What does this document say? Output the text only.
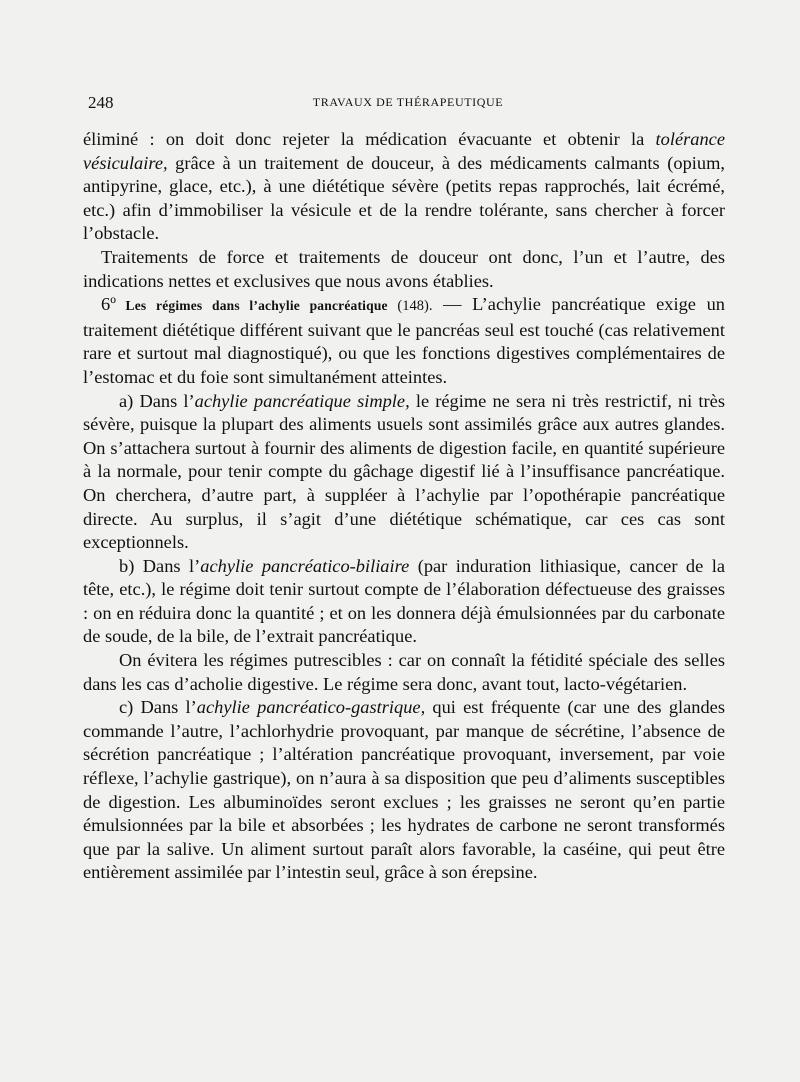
248	TRAVAUX DE THÉRAPEUTIQUE

éliminé : on doit donc rejeter la médication évacuante et obtenir la tolérance vésiculaire, grâce à un traitement de douceur, à des médicaments calmants (opium, antipyrine, glace, etc.), à une diététique sévère (petits repas rapprochés, lait écrémé, etc.) afin d’immobiliser la vésicule et de la rendre tolérante, sans chercher à forcer l’obstacle.

Traitements de force et traitements de douceur ont donc, l’un et l’autre, des indications nettes et exclusives que nous avons établies.

6º Les régimes dans l’achylie pancréatique (148). — L’achylie pancréatique exige un traitement diététique différent suivant que le pancréas seul est touché (cas relativement rare et surtout mal diagnostiqué), ou que les fonctions digestives complémentaires de l’estomac et du foie sont simultanément atteintes.

a) Dans l’achylie pancréatique simple, le régime ne sera ni très restrictif, ni très sévère, puisque la plupart des aliments usuels sont assimilés grâce aux autres glandes. On s’attachera surtout à fournir des aliments de digestion facile, en quantité supérieure à la normale, pour tenir compte du gâchage digestif lié à l’insuffisance pancréatique. On cherchera, d’autre part, à suppléer à l’achylie par l’opothérapie pancréatique directe. Au surplus, il s’agit d’une diététique schématique, car ces cas sont exceptionnels.

b) Dans l’achylie pancréatico-biliaire (par induration lithiasique, cancer de la tête, etc.), le régime doit tenir surtout compte de l’élaboration défectueuse des graisses : on en réduira donc la quantité ; et on les donnera déjà émulsionnées par du carbonate de soude, de la bile, de l’extrait pancréatique.

On évitera les régimes putrescibles : car on connaît la fétidité spéciale des selles dans les cas d’acholie digestive. Le régime sera donc, avant tout, lacto-végétarien.

c) Dans l’achylie pancréatico-gastrique, qui est fréquente (car une des glandes commande l’autre, l’achlorhydrie provoquant, par manque de sécrétine, l’absence de sécrétion pancréatique ; l’altération pancréatique provoquant, inversement, par voie réflexe, l’achylie gastrique), on n’aura à sa disposition que peu d’aliments susceptibles de digestion. Les albuminoïdes seront exclues ; les graisses ne seront qu’en partie émulsionnées par la bile et absorbées ; les hydrates de carbone ne seront transformés que par la salive. Un aliment surtout paraît alors favorable, la caséine, qui peut être entièrement assimilée par l’intestin seul, grâce à son érepsine.
